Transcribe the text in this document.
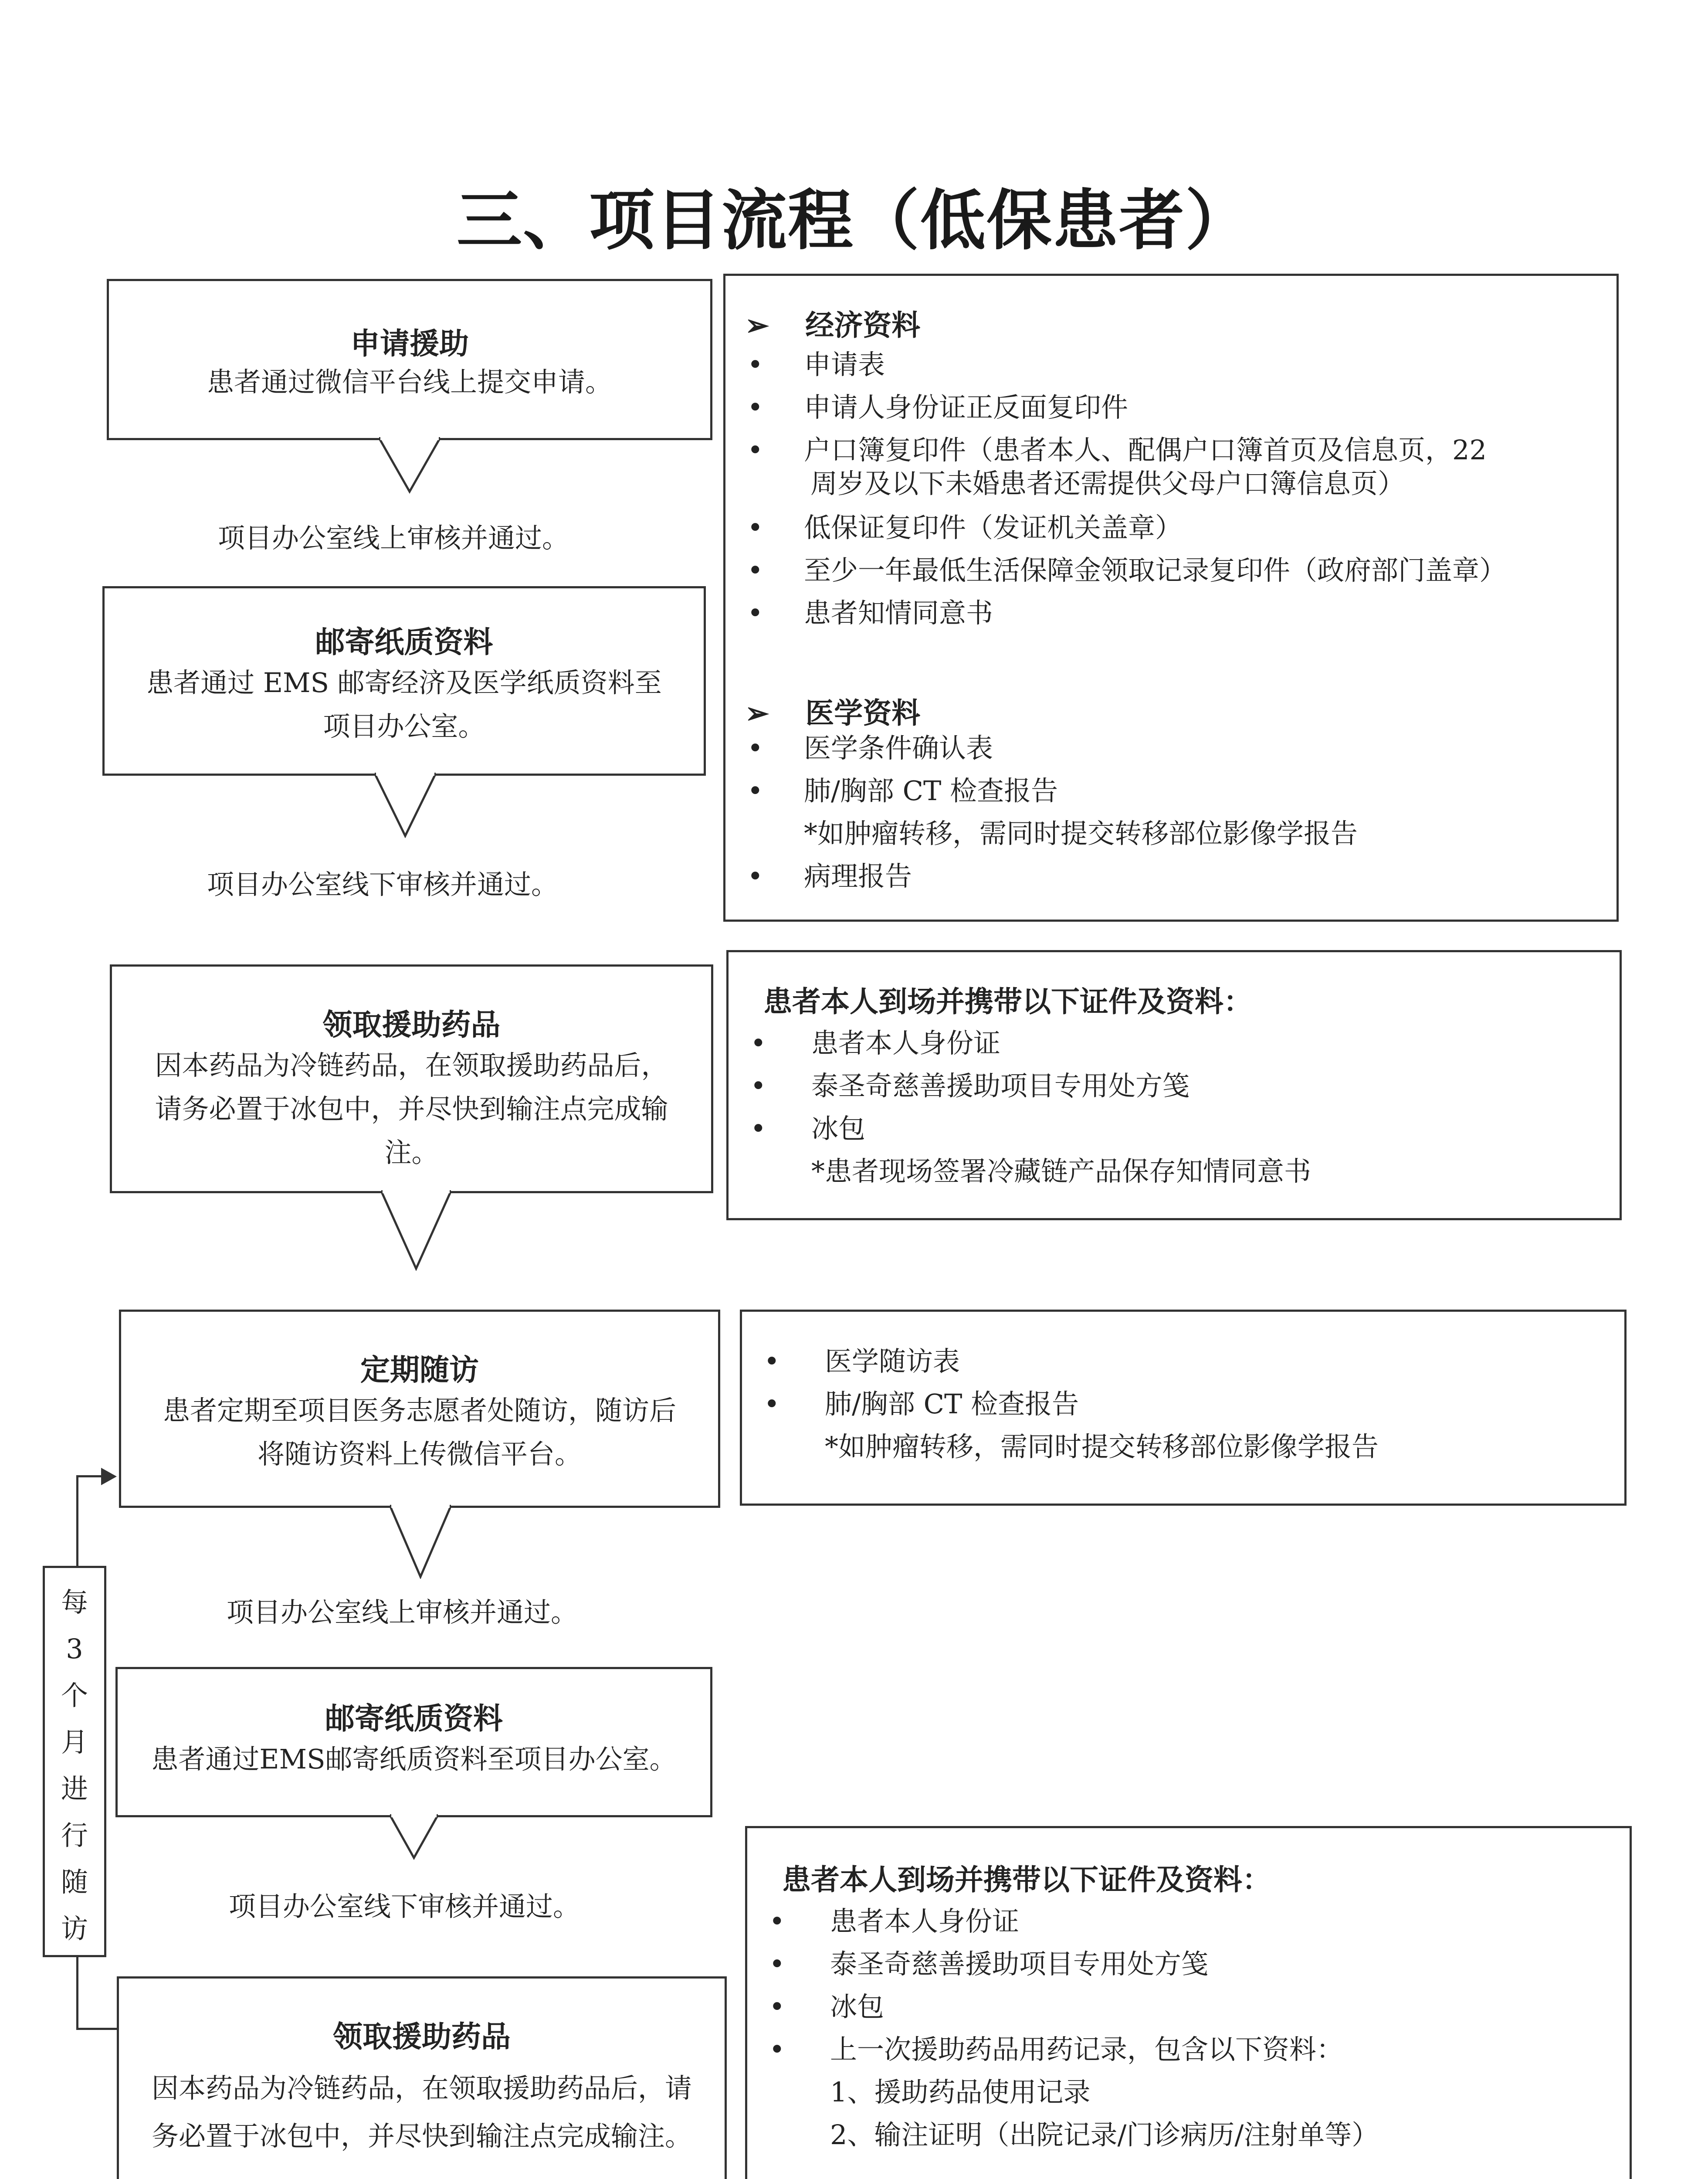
三、项目流程（低保患者）
申请援助
患者通过微信平台线上提交申请。
项目办公室线上审核并通过。
邮寄纸质资料
患者通过 EMS 邮寄经济及医学纸质资料至
项目办公室。
项目办公室线下审核并通过。
领取援助药品
因本药品为冷链药品，在领取援助药品后，
请务必置于冰包中，并尽快到输注点完成输
注。
定期随访
患者定期至项目医务志愿者处随访，随访后
将随访资料上传微信平台。
项目办公室线上审核并通过。
邮寄纸质资料
患者通过EMS邮寄纸质资料至项目办公室。
项目办公室线下审核并通过。
领取援助药品
因本药品为冷链药品，在领取援助药品后，请
务必置于冰包中，并尽快到输注点完成输注。
每
3
个
月
进
行
随
访
➢ 经济资料
• 申请表
• 申请人身份证正反面复印件
• 户口簿复印件（患者本人、配偶户口簿首页及信息页，22
周岁及以下未婚患者还需提供父母户口簿信息页）
• 低保证复印件（发证机关盖章）
• 至少一年最低生活保障金领取记录复印件（政府部门盖章）
• 患者知情同意书
➢ 医学资料
• 医学条件确认表
• 肺/胸部 CT 检查报告
*如肿瘤转移，需同时提交转移部位影像学报告
• 病理报告
患者本人到场并携带以下证件及资料：
• 患者本人身份证
• 泰圣奇慈善援助项目专用处方笺
• 冰包
*患者现场签署冷藏链产品保存知情同意书
• 医学随访表
• 肺/胸部 CT 检查报告
*如肿瘤转移，需同时提交转移部位影像学报告
患者本人到场并携带以下证件及资料：
• 患者本人身份证
• 泰圣奇慈善援助项目专用处方笺
• 冰包
• 上一次援助药品用药记录，包含以下资料：
1、援助药品使用记录
2、输注证明（出院记录/门诊病历/注射单等）
